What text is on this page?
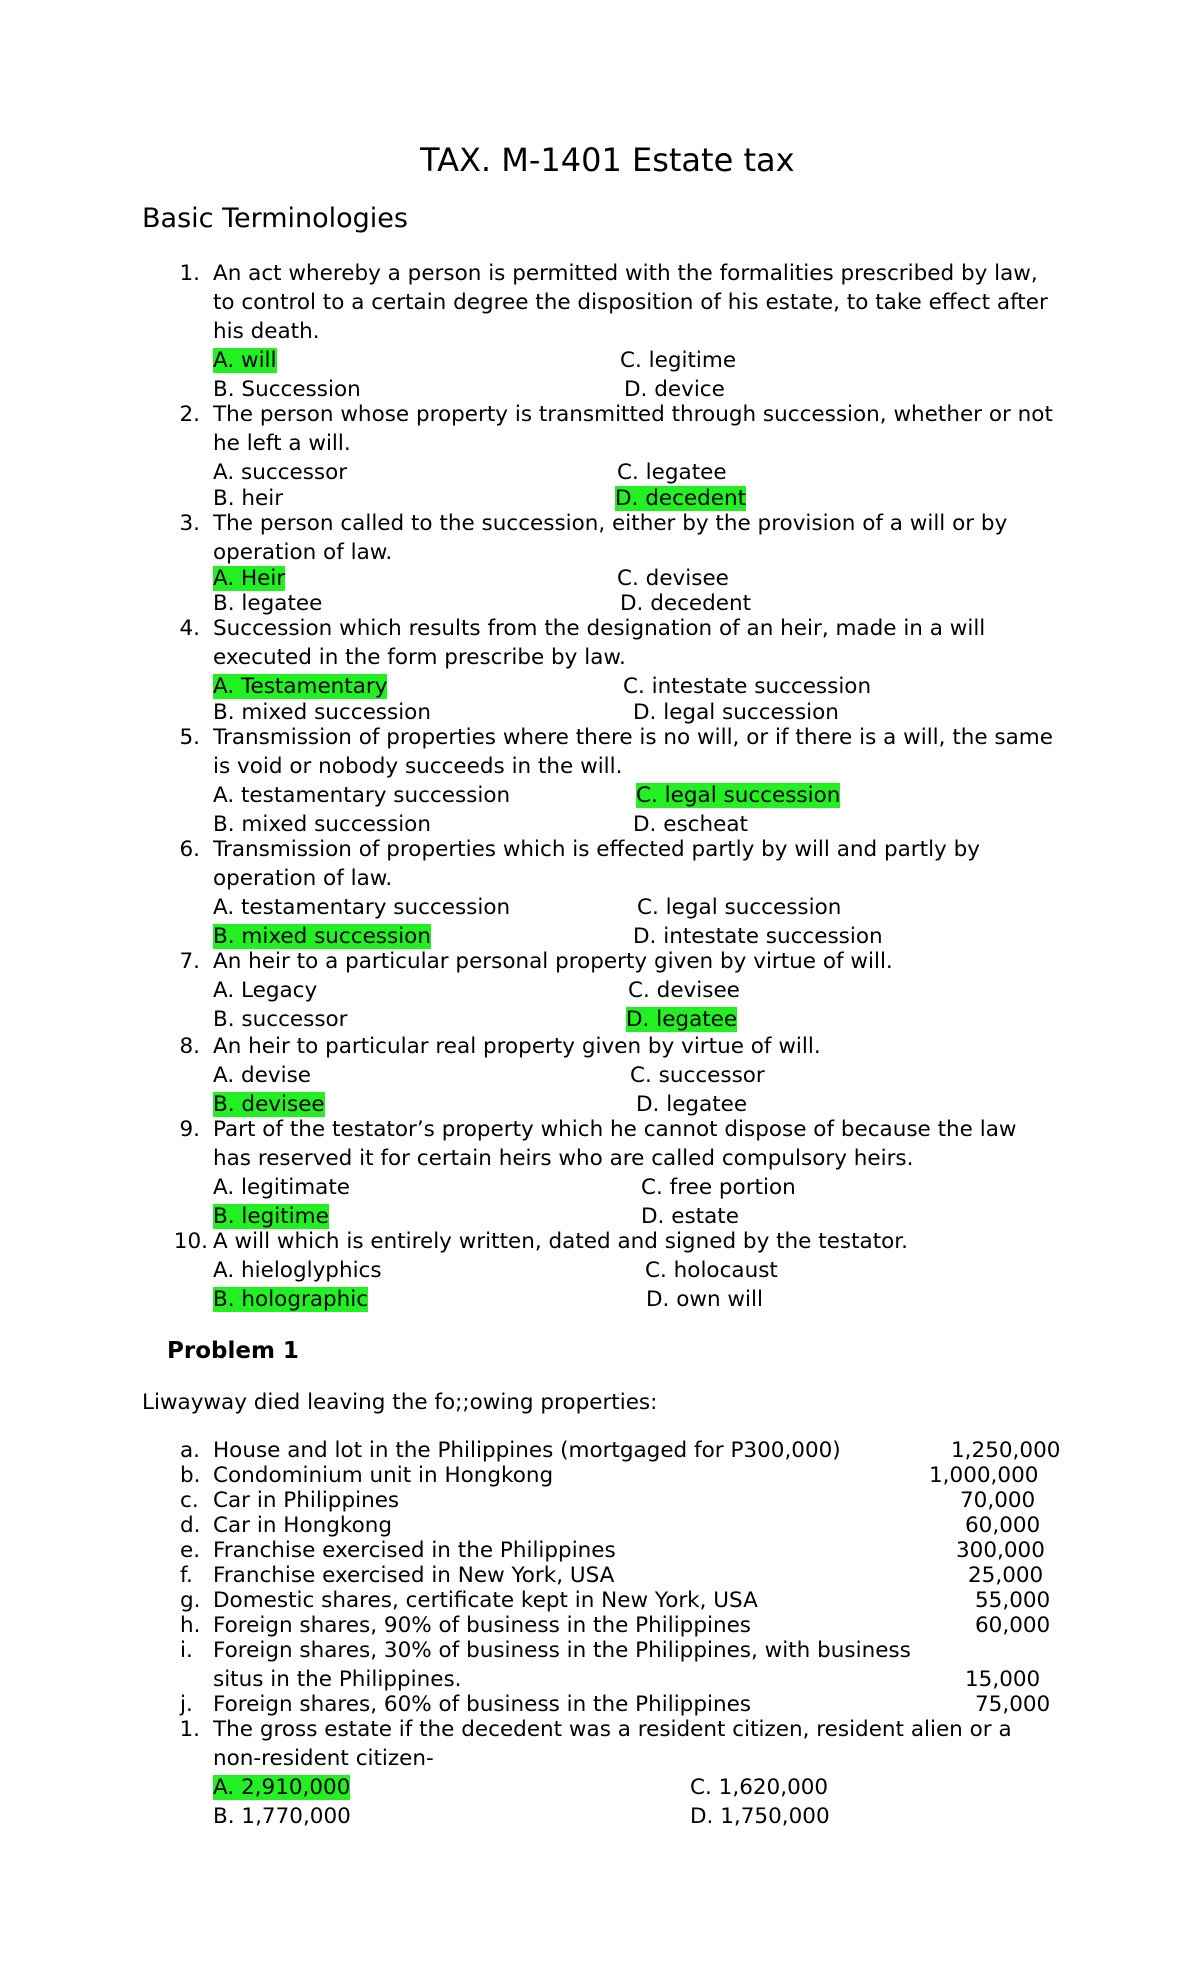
TAX. M-1401 Estate tax
Basic Terminologies
1. An act whereby a person is permitted with the formalities prescribed by law,
to control to a certain degree the disposition of his estate, to take effect after
his death.
A. will	C. legitime
B. Succession	D. device
2. The person whose property is transmitted through succession, whether or not
he left a will.
A. successor	C. legatee
B. heir	D. decedent
3. The person called to the succession, either by the provision of a will or by
operation of law.
A. Heir	C. devisee
B. legatee	D. decedent
4. Succession which results from the designation of an heir, made in a will
executed in the form prescribe by law.
A. Testamentary	C. intestate succession
B. mixed succession	D. legal succession
5. Transmission of properties where there is no will, or if there is a will, the same
is void or nobody succeeds in the will.
A. testamentary succession	C. legal succession
B. mixed succession	D. escheat
6. Transmission of properties which is effected partly by will and partly by
operation of law.
A. testamentary succession	C. legal succession
B. mixed succession	D. intestate succession
7. An heir to a particular personal property given by virtue of will.
A. Legacy	C. devisee
B. successor	D. legatee
8. An heir to particular real property given by virtue of will.
A. devise	C. successor
B. devisee	D. legatee
9. Part of the testator’s property which he cannot dispose of because the law
has reserved it for certain heirs who are called compulsory heirs.
A. legitimate	C. free portion
B. legitime	D. estate
10. A will which is entirely written, dated and signed by the testator.
A. hieloglyphics	C. holocaust
B. holographic	D. own will
Problem 1
Liwayway died leaving the fo;;owing properties:
a. House and lot in the Philippines (mortgaged for P300,000)	1,250,000
b. Condominium unit in Hongkong	1,000,000
c. Car in Philippines	70,000
d. Car in Hongkong	60,000
e. Franchise exercised in the Philippines	300,000
f. Franchise exercised in New York, USA	25,000
g. Domestic shares, certificate kept in New York, USA	55,000
h. Foreign shares, 90% of business in the Philippines	60,000
i. Foreign shares, 30% of business in the Philippines, with business
situs in the Philippines.	15,000
j. Foreign shares, 60% of business in the Philippines	75,000
1. The gross estate if the decedent was a resident citizen, resident alien or a
non-resident citizen-
A. 2,910,000	C. 1,620,000
B. 1,770,000	D. 1,750,000
